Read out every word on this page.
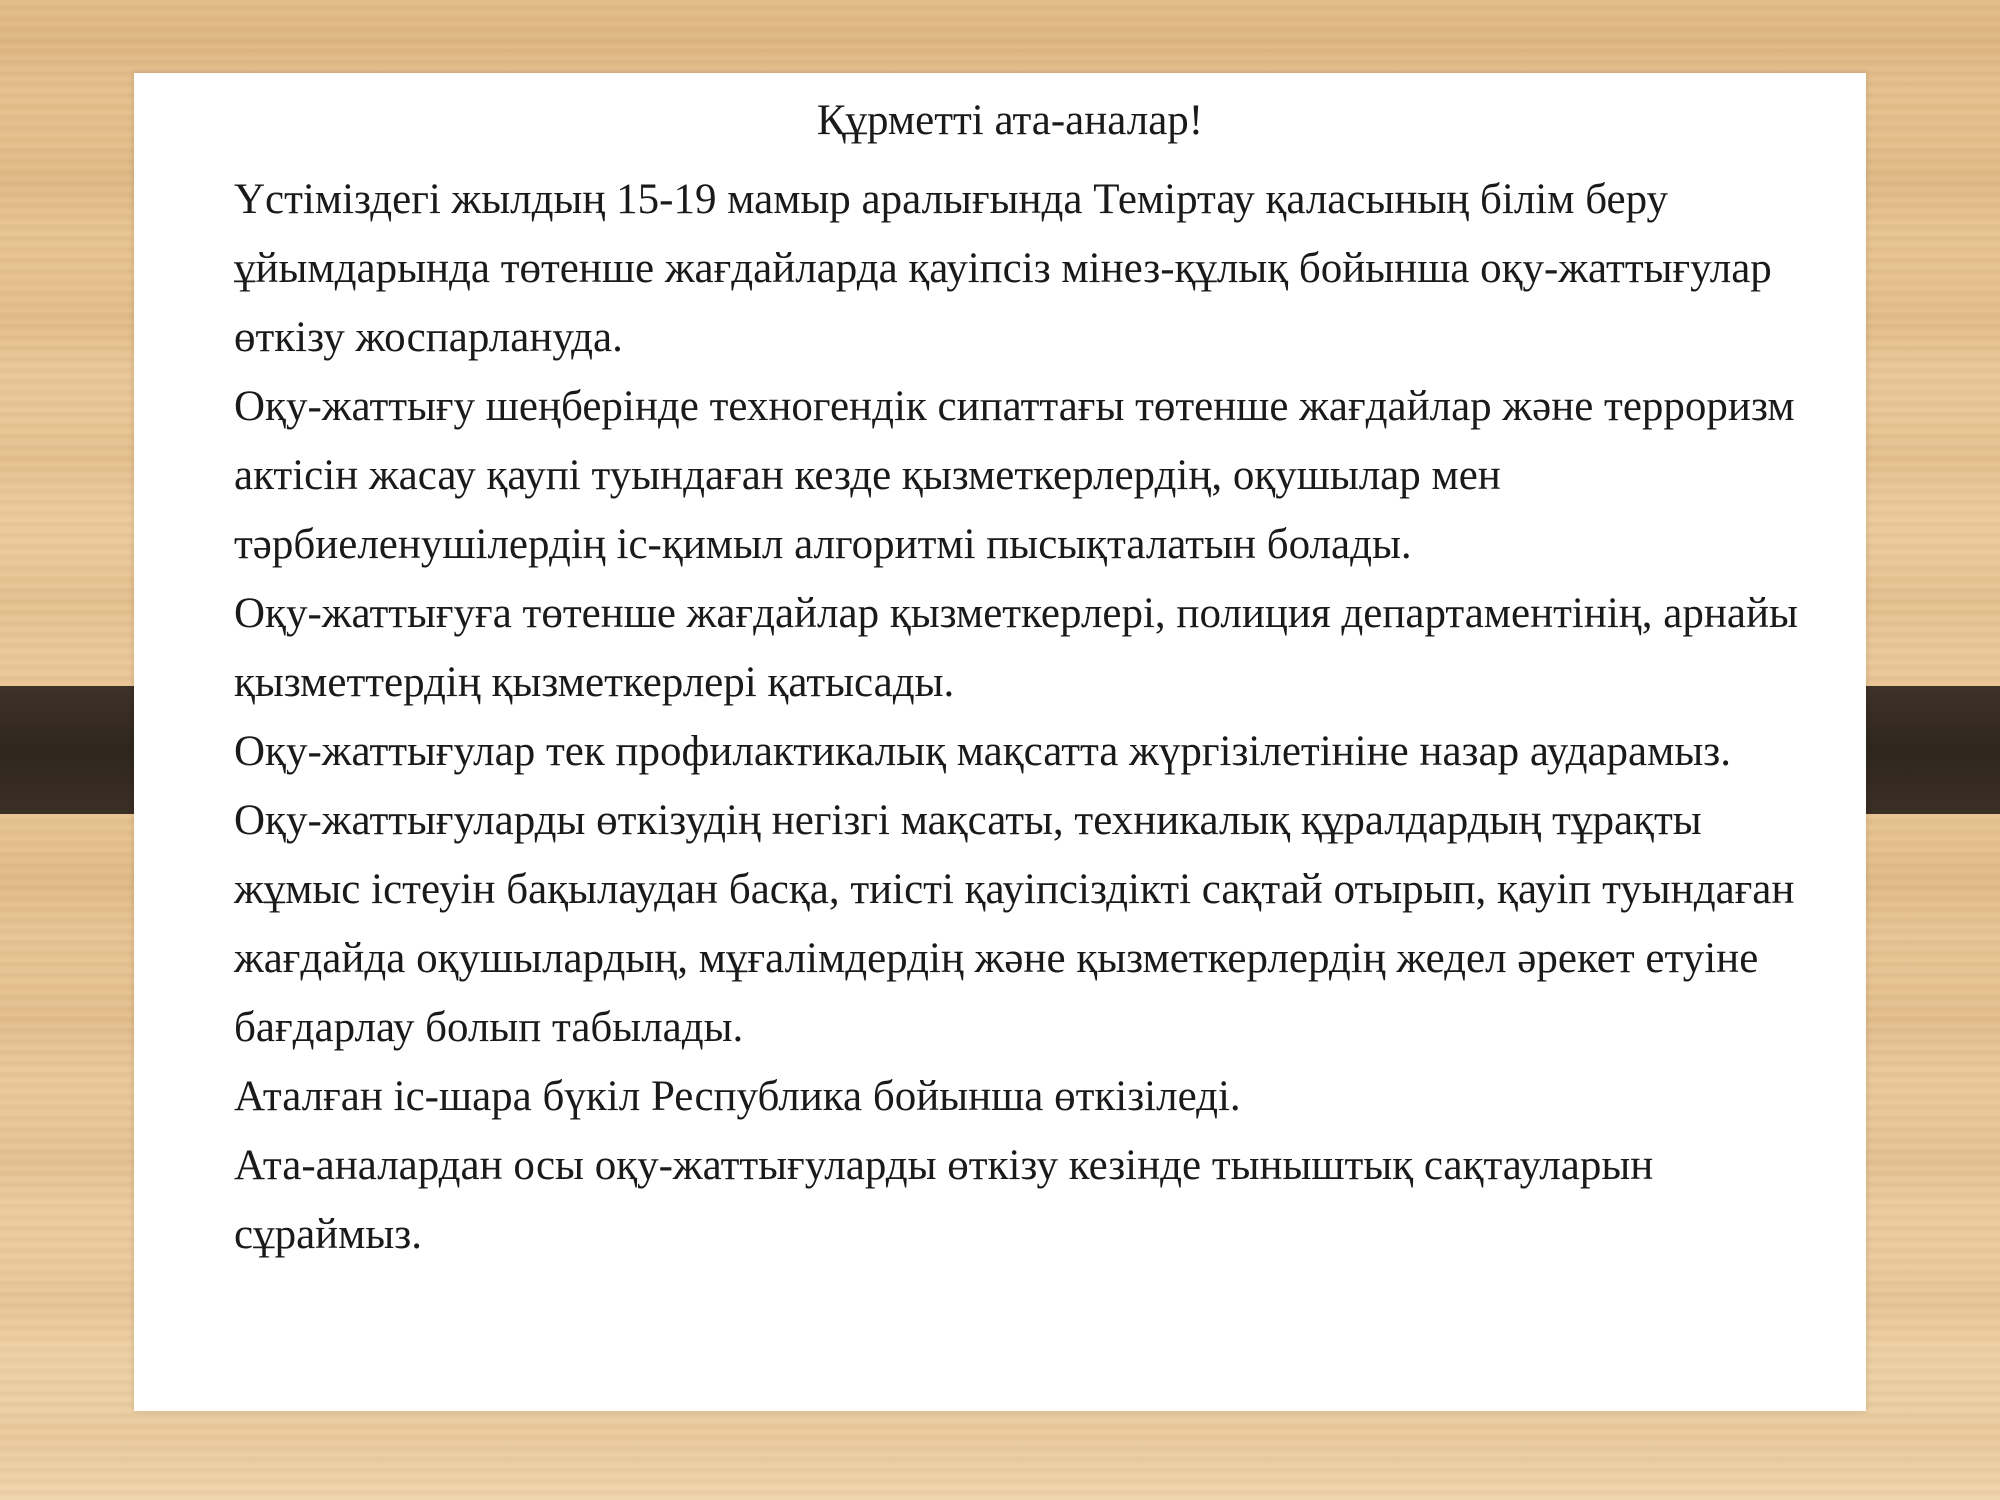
Құрметті ата-аналар!

Үстіміздегі жылдың 15-19 мамыр аралығында Теміртау қаласының білім беру ұйымдарында төтенше жағдайларда қауіпсіз мінез-құлық бойынша оқу-жаттығулар өткізу жоспарлануда.

Оқу-жаттығу шеңберінде техногендік сипаттағы төтенше жағдайлар және терроризм актісін жасау қаупі туындаған кезде қызметкерлердің, оқушылар мен тәрбиеленушілердің іс-қимыл алгоритмі пысықталатын болады.

Оқу-жаттығуға төтенше жағдайлар қызметкерлері, полиция департаментінің, арнайы қызметтердің қызметкерлері қатысады.

Оқу-жаттығулар тек профилактикалық мақсатта жүргізілетініне назар аударамыз.

Оқу-жаттығуларды өткізудің негізгі мақсаты, техникалық құралдардың тұрақты жұмыс істеуін бақылаудан басқа, тиісті қауіпсіздікті сақтай отырып, қауіп туындаған жағдайда оқушылардың, мұғалімдердің және қызметкерлердің жедел әрекет етуіне бағдарлау болып табылады.

Аталған іс-шара бүкіл Республика бойынша өткізіледі.

Ата-аналардан осы оқу-жаттығуларды өткізу кезінде тыныштық сақтауларын сұраймыз.
